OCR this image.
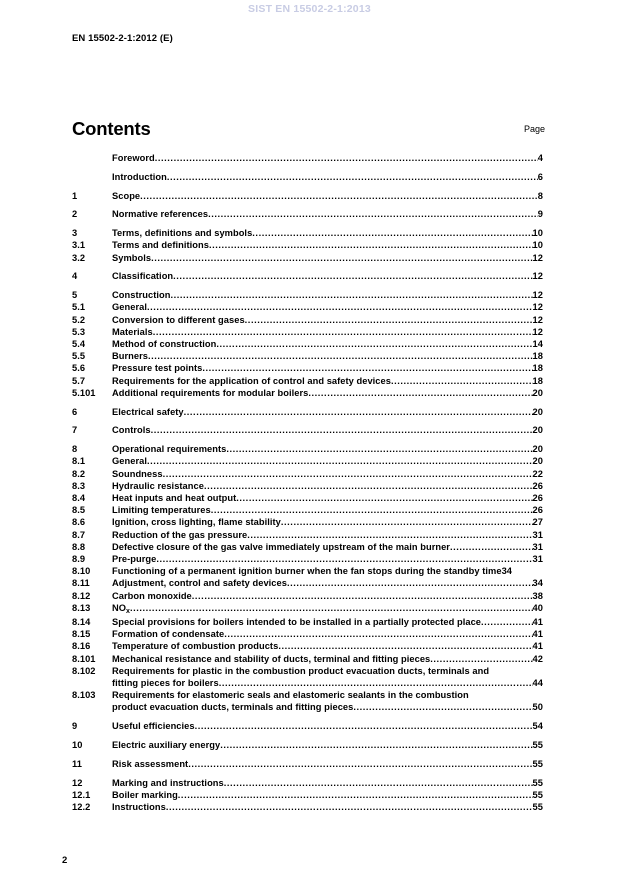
SIST EN 15502-2-1:2013
EN 15502-2-1:2012 (E)
Contents	Page
Foreword .....	4
Introduction .....	6
1	Scope .....	8
2	Normative references .....	9
3	Terms, definitions and symbols .....	10
3.1	Terms and definitions .....	10
3.2	Symbols .....	12
4	Classification .....	12
5	Construction .....	12
5.1	General .....	12
5.2	Conversion to different gases .....	12
5.3	Materials .....	12
5.4	Method of construction .....	14
5.5	Burners .....	18
5.6	Pressure test points .....	18
5.7	Requirements for the application of control and safety devices .....	18
5.101	Additional requirements for modular boilers .....	20
6	Electrical safety .....	20
7	Controls .....	20
8	Operational requirements .....	20
8.1	General .....	20
8.2	Soundness .....	22
8.3	Hydraulic resistance .....	26
8.4	Heat inputs and heat output .....	26
8.5	Limiting temperatures .....	26
8.6	Ignition, cross lighting, flame stability .....	27
8.7	Reduction of the gas pressure .....	31
8.8	Defective closure of the gas valve immediately upstream of the main burner .....	31
8.9	Pre-purge .....	31
8.10	Functioning of a permanent ignition burner when the fan stops during the standby time 34
8.11	Adjustment, control and safety devices .....	34
8.12	Carbon monoxide .....	38
8.13	$NO_x$ .....	40
8.14	Special provisions for boilers intended to be installed in a partially protected place .....	41
8.15	Formation of condensate .....	41
8.16	Temperature of combustion products .....	41
8.101	Mechanical resistance and stability of ducts, terminal and fitting pieces .....	42
8.102	Requirements for plastic in the combustion product evacuation ducts, terminals and
fitting pieces for boilers .....	44
8.103	Requirements for elastomeric seals and elastomeric sealants in the combustion
product evacuation ducts, terminals and fitting pieces .....	50
9	Useful efficiencies .....	54
10	Electric auxiliary energy .....	55
11	Risk assessment .....	55
12	Marking and instructions .....	55
12.1	Boiler marking .....	55
12.2	Instructions .....	55
2
